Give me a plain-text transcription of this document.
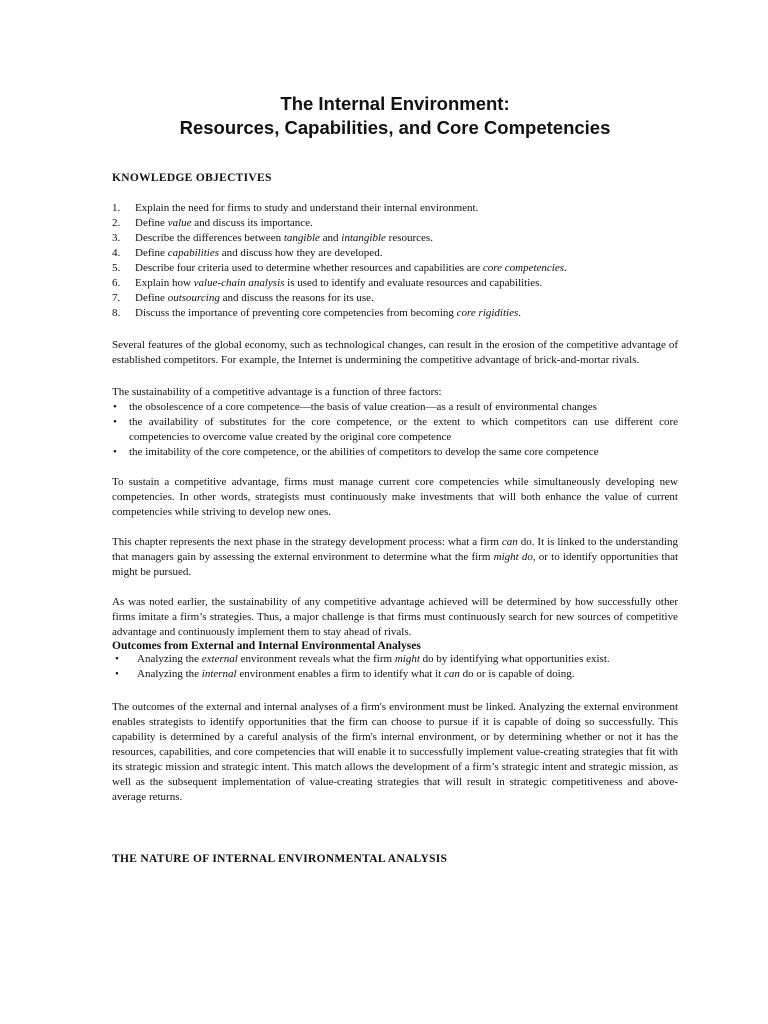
The Internal Environment:
Resources, Capabilities, and Core Competencies
KNOWLEDGE OBJECTIVES
1.	Explain the need for firms to study and understand their internal environment.
2.	Define value and discuss its importance.
3.	Describe the differences between tangible and intangible resources.
4.	Define capabilities and discuss how they are developed.
5.	Describe four criteria used to determine whether resources and capabilities are core competencies.
6.	Explain how value-chain analysis is used to identify and evaluate resources and capabilities.
7.	Define outsourcing and discuss the reasons for its use.
8.	Discuss the importance of preventing core competencies from becoming core rigidities.

Several features of the global economy, such as technological changes, can result in the erosion of the competitive advantage of established competitors. For example, the Internet is undermining the competitive advantage of brick-and-mortar rivals.

The sustainability of a competitive advantage is a function of three factors:

•	the obsolescence of a core competence—the basis of value creation—as a result of environmental changes
•	the availability of substitutes for the core competence, or the extent to which competitors can use different core competencies to overcome value created by the original core competence
•	the imitability of the core competence, or the abilities of competitors to develop the same core competence

To sustain a competitive advantage, firms must manage current core competencies while simultaneously developing new competencies. In other words, strategists must continuously make investments that will both enhance the value of current competencies while striving to develop new ones.

This chapter represents the next phase in the strategy development process: what a firm can do. It is linked to the understanding that managers gain by assessing the external environment to determine what the firm might do, or to identify opportunities that might be pursued.

As was noted earlier, the sustainability of any competitive advantage achieved will be determined by how successfully other firms imitate a firm’s strategies. Thus, a major challenge is that firms must continuously search for new sources of competitive advantage and continuously implement them to stay ahead of rivals.

Outcomes from External and Internal Environmental Analyses

•	Analyzing the external environment reveals what the firm might do by identifying what opportunities exist.
•	Analyzing the internal environment enables a firm to identify what it can do or is capable of doing.

The outcomes of the external and internal analyses of a firm's environment must be linked. Analyzing the external environment enables strategists to identify opportunities that the firm can choose to pursue if it is capable of doing so successfully. This capability is determined by a careful analysis of the firm's internal environment, or by determining whether or not it has the resources, capabilities, and core competencies that will enable it to successfully implement value-creating strategies that fit with its strategic mission and strategic intent. This match allows the development of a firm’s strategic intent and strategic mission, as well as the subsequent implementation of value-creating strategies that will result in strategic competitiveness and above-average returns.

THE NATURE OF INTERNAL ENVIRONMENTAL ANALYSIS
